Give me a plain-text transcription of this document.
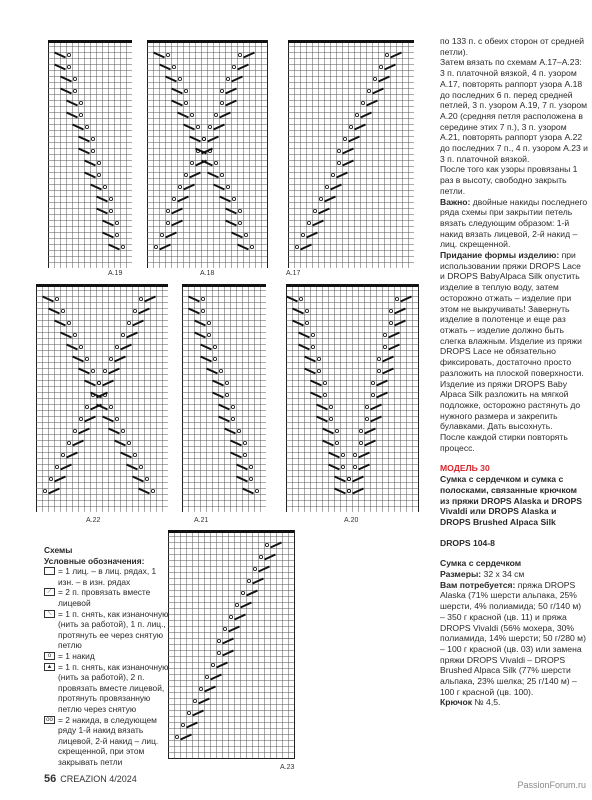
A.19	A.18	A.17
A.22	A.21	A.20
A.23

по 133 п. с обеих сторон от средней петли).

Затем вязать по схемам A.17–A.23: 3 п. платочной вязкой, 4 п. узором A.17, повторять раппорт узора A.18 до последних 6 п. перед средней петлей, 3 п. узором A.19, 7 п. узором A.20 (средняя петля расположена в середине этих 7 п.), 3 п. узором A.21, повторять раппорт узора A.22 до последних 7 п., 4 п. узором A.23 и 3 п. платочной вязкой.

После того как узоры провязаны 1 раз в высоту, свободно закрыть петли.

Важно: двойные накиды последнего ряда схемы при закрытии петель вязать следующим образом: 1-й накид вязать лицевой, 2-й накид – лиц. скрещенной.

Придание формы изделию: при использовании пряжи DROPS Lace и DROPS BabyAlpaca Silk опустить изделие в теплую воду, затем осторожно отжать – изделие при этом не выкручивать! Завернуть изделие в полотенце и еще раз отжать – изделие должно быть слегка влажным. Изделие из пряжи DROPS Lace не обязательно фиксировать, достаточно просто разложить на плоской поверхности.

Изделие из пряжи DROPS Baby Alpaca Silk разложить на мягкой подложке, осторожно растянуть до нужного размера и закрепить булавками. Дать высохнуть.

После каждой стирки повторять процесс.

МОДЕЛЬ 30

Сумка с сердечком и сумка с полосками, связанные крючком из пряжи DROPS Alaska и DROPS Vivaldi или DROPS Alaska и DROPS Brushed Alpaca Silk

DROPS 104-8

Сумка с сердечком

Размеры: 32 x 34 см

Вам потребуется: пряжа DROPS Alaska (71% шерсти альпака, 25% шерсти, 4% полиамида; 50 г/140 м) – 350 г красной (цв. 11) и пряжа DROPS Vivaldi (56% мохера, 30% полиамида, 14% шерсти; 50 г/280 м) – 100 г красной (цв. 03) или замена пряжи DROPS Vivaldi – DROPS Brushed Alpaca Silk (77% шерсти альпака, 23% шелка; 25 г/140 м) – 100 г красной (цв. 100).

Крючок № 4,5.

Схемы
Условные обозначения:
= 1 лиц. – в лиц. рядах, 1 изн. – в изн. рядах
⟋ = 2 п. провязать вместе лицевой
⟍ = 1 п. снять, как изнаночную (нить за работой), 1 п. лиц., протянуть ее через снятую петлю
o = 1 накид
▲ = 1 п. снять, как изнаночную (нить за работой), 2 п. провязать вместе лицевой, протянуть провязанную петлю через снятую
oo = 2 накида, в следующем ряду 1-й накид вязать лицевой, 2-й накид – лиц. скрещенной, при этом закрывать петли
56 CREAZION 4/2024
PassionForum.ru
